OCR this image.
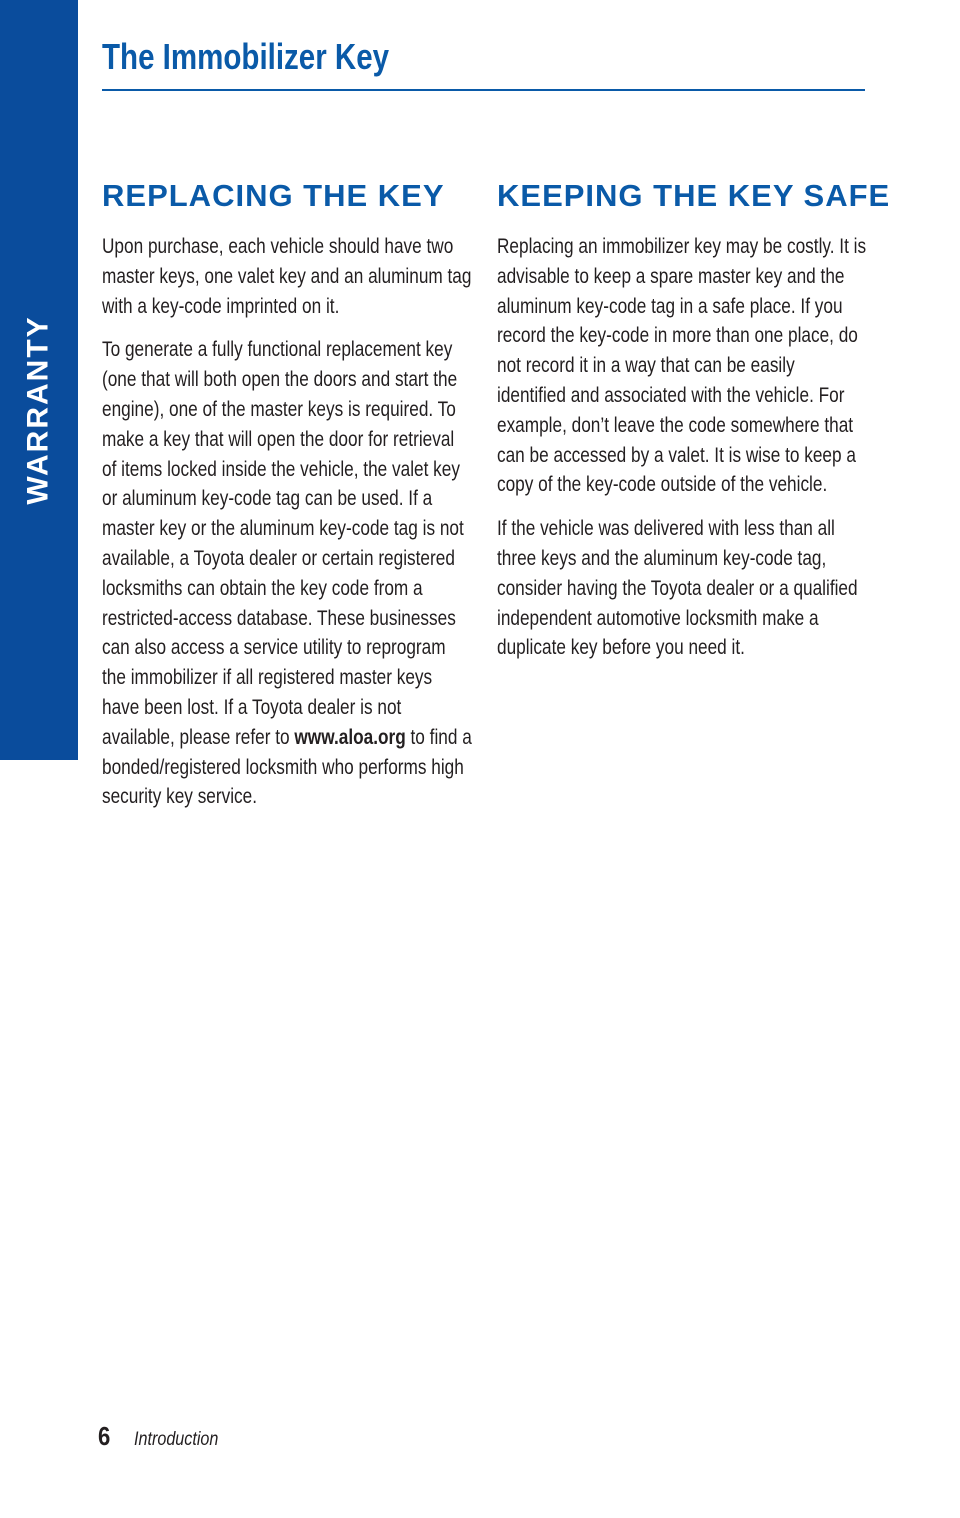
WARRANTY
The Immobilizer Key
REPLACING THE KEY

Upon purchase, each vehicle should have two master keys, one valet key and an aluminum tag with a key-code imprinted on it.

To generate a fully functional replacement key (one that will both open the doors and start the engine), one of the master keys is required. To make a key that will open the door for retrieval of items locked inside the vehicle, the valet key or aluminum key-code tag can be used. If a master key or the aluminum key-code tag is not available, a Toyota dealer or certain registered locksmiths can obtain the key code from a restricted-access database. These businesses can also access a service utility to reprogram the immobilizer if all registered master keys have been lost. If a Toyota dealer is not available, please refer to www.aloa.org to find a bonded/registered locksmith who performs high security key service.

KEEPING THE KEY SAFE

Replacing an immobilizer key may be costly. It is advisable to keep a spare master key and the aluminum key-code tag in a safe place. If you record the key-code in more than one place, do not record it in a way that can be easily identified and associated with the vehicle. For example, don’t leave the code somewhere that can be accessed by a valet. It is wise to keep a copy of the key-code outside of the vehicle.

If the vehicle was delivered with less than all three keys and the aluminum key-code tag, consider having the Toyota dealer or a qualified independent automotive locksmith make a duplicate key before you need it.

6 Introduction
